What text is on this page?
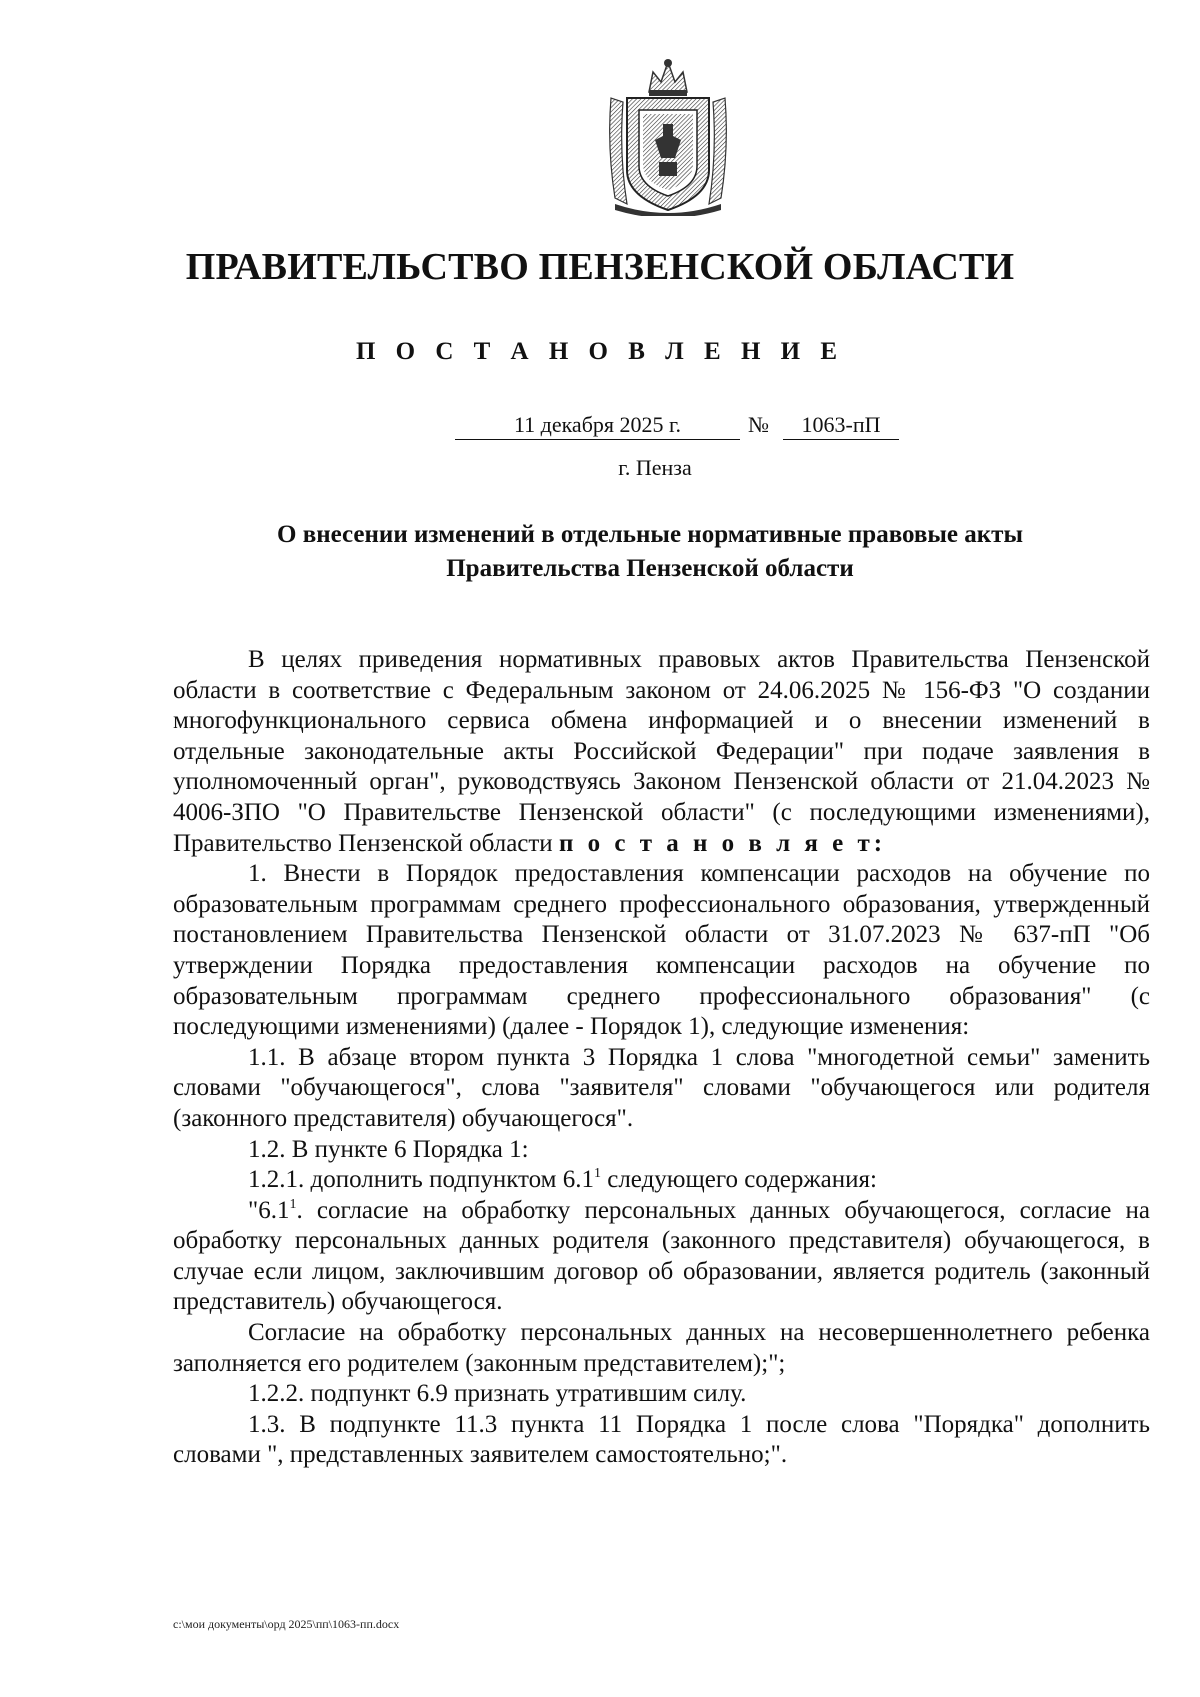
ПРАВИТЕЛЬСТВО ПЕНЗЕНСКОЙ ОБЛАСТИ
П О С Т А Н О В Л Е Н И Е
11 декабря 2025 г.	№	1063-пП
г. Пенза
О внесении изменений в отдельные нормативные правовые акты
Правительства Пензенской области

В целях приведения нормативных правовых актов Правительства Пензенской области в соответствие с Федеральным законом от 24.06.2025 № 156-ФЗ "О создании многофункционального сервиса обмена информацией и о внесении изменений в отдельные законодательные акты Российской Федерации" при подаче заявления в уполномоченный орган", руководствуясь Законом Пензенской области от 21.04.2023 № 4006-ЗПО "О Правительстве Пензенской области" (с последующими изменениями), Правительство Пензенской области п о с т а н о в л я е т:

1. Внести в Порядок предоставления компенсации расходов на обучение по образовательным программам среднего профессионального образования, утвержденный постановлением Правительства Пензенской области от 31.07.2023 № 637-пП "Об утверждении Порядка предоставления компенсации расходов на обучение по образовательным программам среднего профессионального образования" (с последующими изменениями) (далее - Порядок 1), следующие изменения:

1.1. В абзаце втором пункта 3 Порядка 1 слова "многодетной семьи" заменить словами "обучающегося", слова "заявителя" словами "обучающегося или родителя (законного представителя) обучающегося".

1.2. В пункте 6 Порядка 1:

1.2.1. дополнить подпунктом $6.1^1$ следующего содержания:

"$6.1^1$. согласие на обработку персональных данных обучающегося, согласие на обработку персональных данных родителя (законного представителя) обучающегося, в случае если лицом, заключившим договор об образовании, является родитель (законный представитель) обучающегося.

Согласие на обработку персональных данных на несовершеннолетнего ребенка заполняется его родителем (законным представителем);";

1.2.2. подпункт 6.9 признать утратившим силу.

1.3. В подпункте 11.3 пункта 11 Порядка 1 после слова "Порядка" дополнить словами ", представленных заявителем самостоятельно;".

c:\мои документы\орд 2025\пп\1063-пп.docx
